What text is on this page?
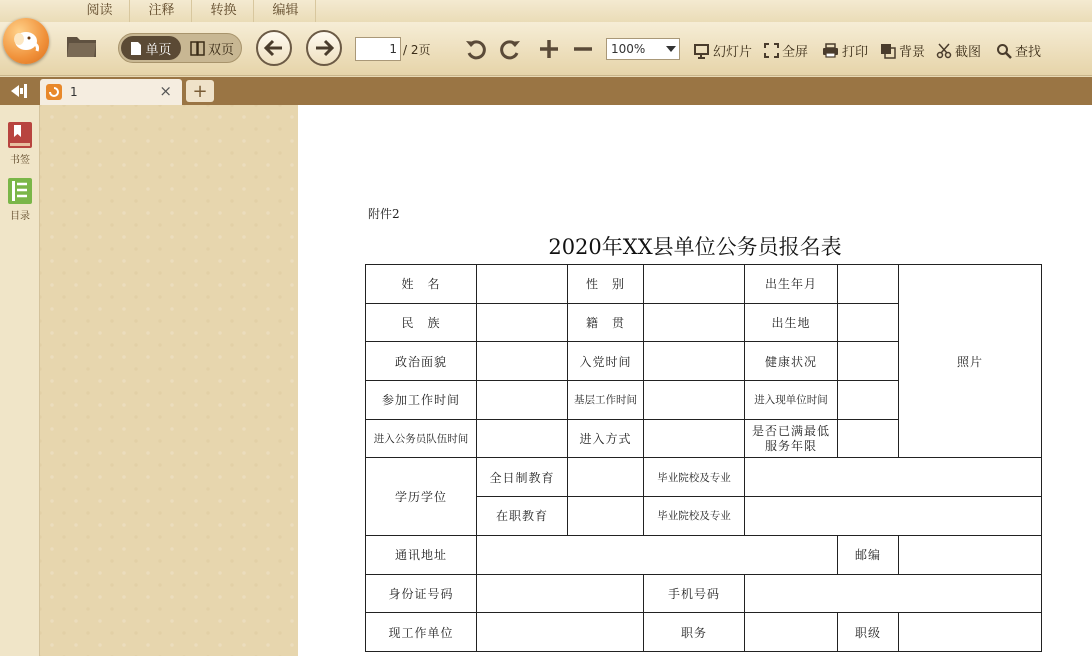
阅读	注释	转换	编辑
单页	双页	1 / 2页	100%	幻灯片 全屏	打印 背景 截图	查找
1	×	+
书签
目录	附件2
2020年XX县单位公务员报名表
姓　名		性　别		出生年月		照片
民　族		籍　贯		出生地		
政治面貌		入党时间		健康状况		
参加工作时间		基层工作时间		进入现单位时间		
进入公务员队伍时间		进入方式		是否已满最低服务年限		
学历学位	全日制教育		毕业院校及专业			
	在职教育		毕业院校及专业			
通讯地址					邮编	
身份证号码			手机号码			
现工作单位			职务		职级	
